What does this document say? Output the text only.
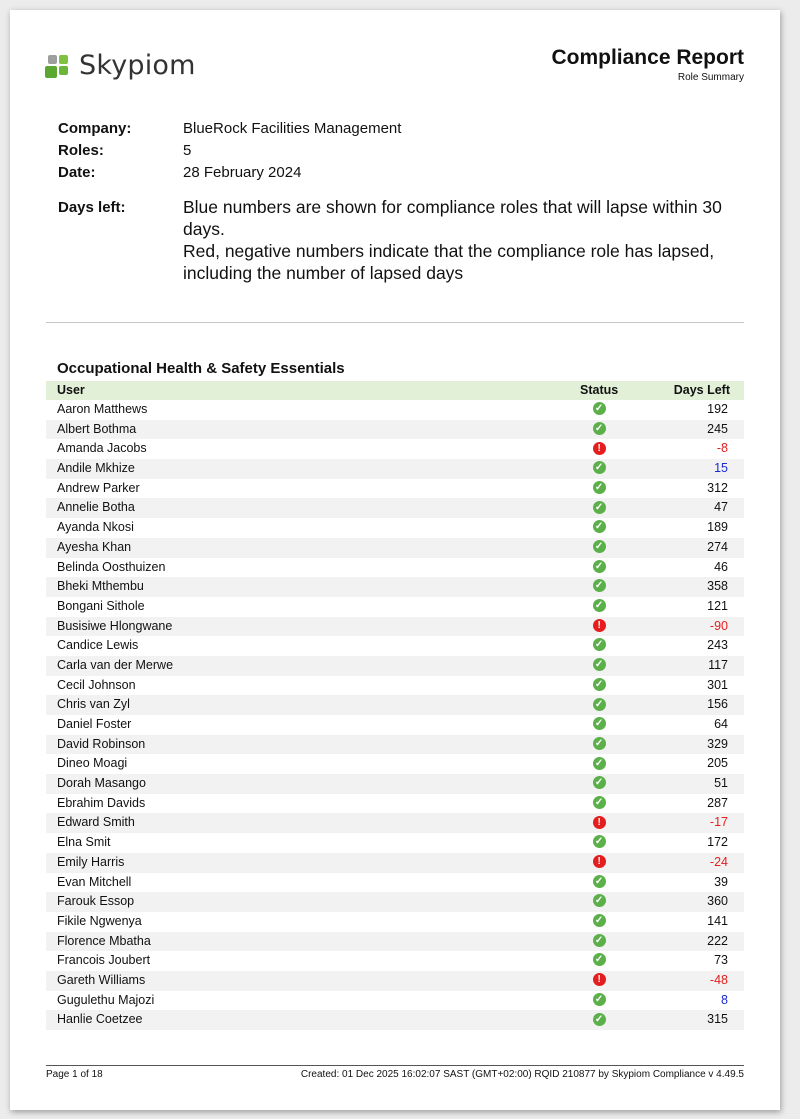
Skypiom	Compliance Report
Role Summary
Company:	BlueRock Facilities Management
Roles:	5
Date:	28 February 2024
Days left:	Blue numbers are shown for compliance roles that will lapse within 30 days.
Red, negative numbers indicate that the compliance role has lapsed, including the number of lapsed days
Occupational Health & Safety Essentials
User	Status	Days Left
Aaron Matthews	✓	192
Albert Bothma	✓	245
Amanda Jacobs	!	-8
Andile Mkhize	✓	15
Andrew Parker	✓	312
Annelie Botha	✓	47
Ayanda Nkosi	✓	189
Ayesha Khan	✓	274
Belinda Oosthuizen	✓	46
Bheki Mthembu	✓	358
Bongani Sithole	✓	121
Busisiwe Hlongwane	!	-90
Candice Lewis	✓	243
Carla van der Merwe	✓	117
Cecil Johnson	✓	301
Chris van Zyl	✓	156
Daniel Foster	✓	64
David Robinson	✓	329
Dineo Moagi	✓	205
Dorah Masango	✓	51
Ebrahim Davids	✓	287
Edward Smith	!	-17
Elna Smit	✓	172
Emily Harris	!	-24
Evan Mitchell	✓	39
Farouk Essop	✓	360
Fikile Ngwenya	✓	141
Florence Mbatha	✓	222
Francois Joubert	✓	73
Gareth Williams	!	-48
Gugulethu Majozi	✓	8
Hanlie Coetzee	✓	315
Page 1 of 18	Created: 01 Dec 2025 16:02:07 SAST (GMT+02:00) RQID 210877 by Skypiom Compliance v 4.49.5
